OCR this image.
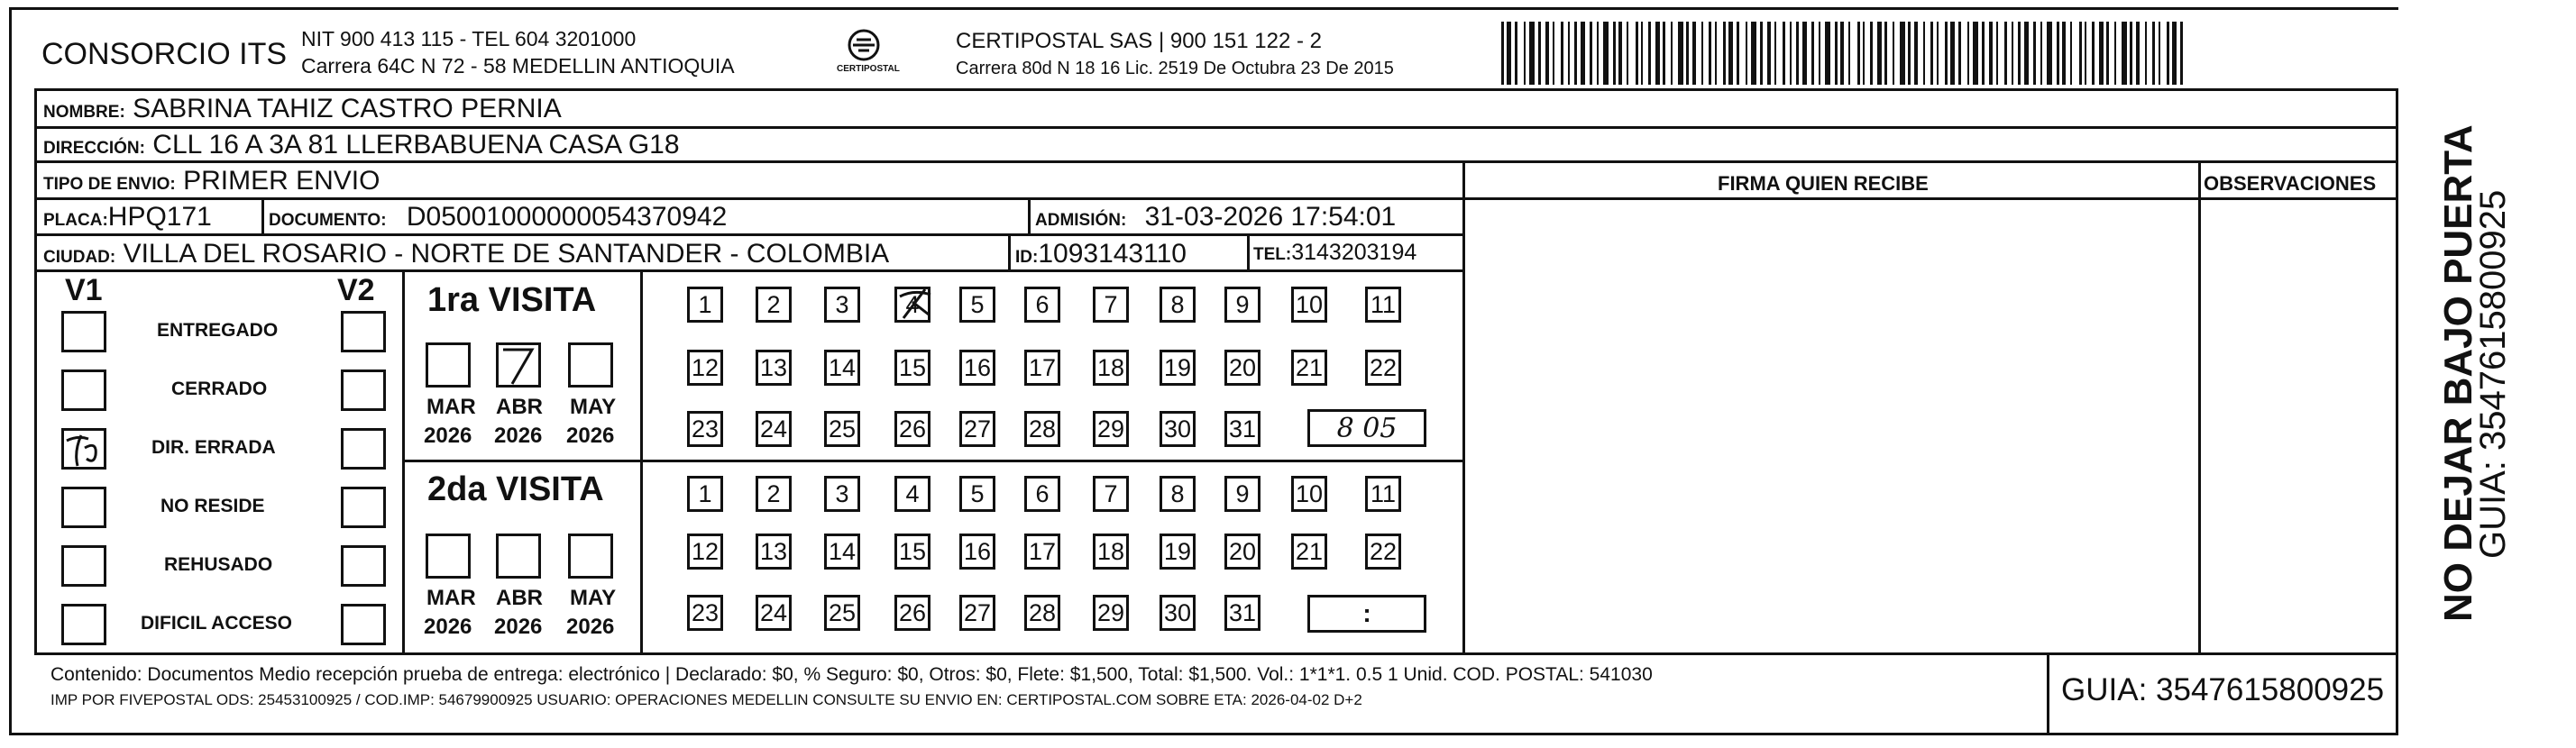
CONSORCIO ITS NIT 900 413 115 - TEL 604 3201000
Carrera 64C N 72 - 58 MEDELLIN ANTIOQUIA	CERTIPOSTAL
CERTIPOSTAL SAS | 900 151 122 - 2
Carrera 80d N 18 16 Lic. 2519 De Octubra 23 De 2015
NOMBRE: SABRINA TAHIZ CASTRO PERNIA
DIRECCIÓN: CLL 16 A 3A 81 LLERBABUENA CASA G18
TIPO DE ENVIO: PRIMER ENVIO
PLACA:HPQ171	DOCUMENTO: D05001000000054370942	ADMISIÓN: 31-03-2026 17:54:01
CIUDAD: VILLA DEL ROSARIO - NORTE DE SANTANDER - COLOMBIA	ID:1093143110	TEL:3143203194
FIRMA QUIEN RECIBE	OBSERVACIONES
V1	V2
ENTREGADO
CERRADO
DIR. ERRADA
NO RESIDE
REHUSADO
DIFICIL ACCESO
1ra VISITA
MAR ABR MAY
2026 2026 2026
2da VISITA
MAR ABR MAY
2026 2026 2026
1	2	3	4	5	6	7	8	9	10 11
12 13 14 15 16 17 18 19 20 21 22
23 24 25 26 27 28 29 30 31
1	2	3	4	5	6	7	8	9	10 11
12 13 14 15 16 17 18 19 20 21 22
23 24 25 26 27 28 29 30 31
8 05
:
Contenido: Documentos Medio recepción prueba de entrega: electrónico | Declarado: $0, % Seguro: $0, Otros: $0, Flete: $1,500, Total: $1,500. Vol.: 1*1*1. 0.5 1 Unid. COD. POSTAL: 541030
IMP POR FIVEPOSTAL ODS: 25453100925 / COD.IMP: 54679900925 USUARIO: OPERACIONES MEDELLIN CONSULTE SU ENVIO EN: CERTIPOSTAL.COM SOBRE ETA: 2026-04-02 D+2	GUIA: 3547615800925
NO DEJAR BAJO PUERTA
GUIA: 3547615800925
